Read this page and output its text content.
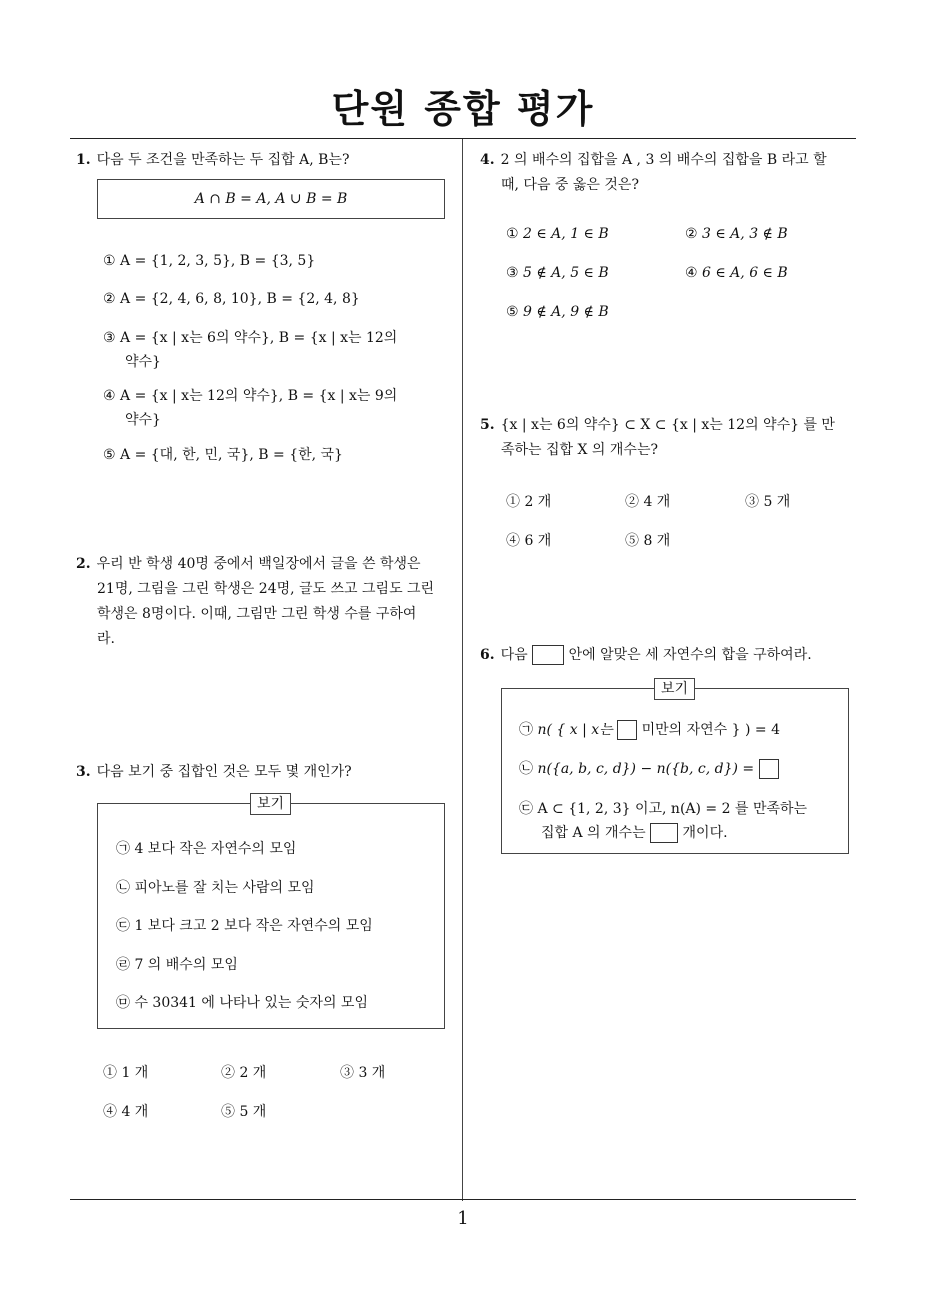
단원 종합 평가
1. 다음 두 조건을 만족하는 두 집합 A, B는?
A ∩ B = A, A ∪ B = B
① A = {1, 2, 3, 5}, B = {3, 5}
② A = {2, 4, 6, 8, 10}, B = {2, 4, 8}
③ A = {x | x는 6의 약수}, B = {x | x는 12의
약수}
④ A = {x | x는 12의 약수}, B = {x | x는 9의
약수}
⑤ A = {대, 한, 민, 국}, B = {한, 국}
2. 우리 반 학생 40명 중에서 백일장에서 글을 쓴 학생은
21명, 그림을 그린 학생은 24명, 글도 쓰고 그림도 그린
학생은 8명이다. 이때, 그림만 그린 학생 수를 구하여
라.
3. 다음 보기 중 집합인 것은 모두 몇 개인가?
보기
㉠ 4 보다 작은 자연수의 모임
㉡ 피아노를 잘 치는 사람의 모임
㉢ 1 보다 크고 2 보다 작은 자연수의 모임
㉣ 7 의 배수의 모임
㉤ 수 30341 에 나타나 있는 숫자의 모임
① 1 개	② 2 개	③ 3 개
④ 4 개	⑤ 5 개
4. 2 의 배수의 집합을 A , 3 의 배수의 집합을 B 라고 할
때, 다음 중 옳은 것은?
① 2 ∈ A, 1 ∈ B	② 3 ∈ A, 3 ∉ B
③ 5 ∉ A, 5 ∈ B	④ 6 ∈ A, 6 ∈ B
⑤ 9 ∉ A, 9 ∉ B
5. {x | x는 6의 약수} ⊂ X ⊂ {x | x는 12의 약수} 를 만
족하는 집합 X 의 개수는?
① 2 개	② 4 개	③ 5 개
④ 6 개	⑤ 8 개
6. 다음	안에 알맞은 세 자연수의 합을 구하여라.
보기
㉠ n( { x | x는 미만의 자연수 } ) = 4
㉡ n({a, b, c, d}) − n({b, c, d}) =
㉢ A ⊂ {1, 2, 3} 이고, n(A) = 2 를 만족하는
집합 A 의 개수는	개이다.
1
